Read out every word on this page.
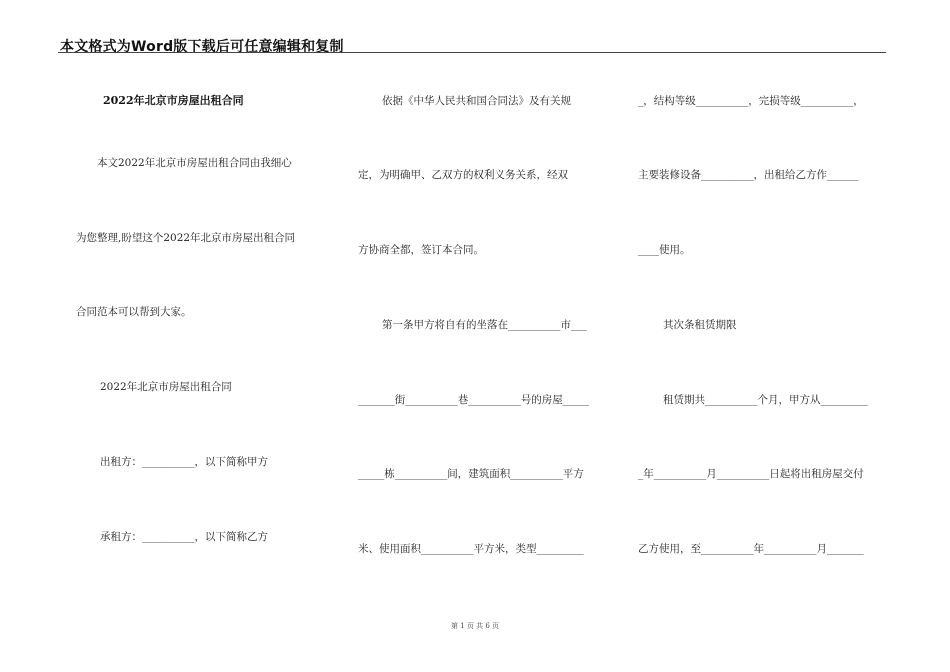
本文格式为Word版下载后可任意编辑和复制
2022年北京市房屋出租合同
本文2022年北京市房屋出租合同由我细心
为您整理,盼望这个2022年北京市房屋出租合同
合同范本可以帮到大家。
2022年北京市房屋出租合同
出租方：__________，以下简称甲方
承租方：__________，以下简称乙方
依据《中华人民共和国合同法》及有关规
定，为明确甲、乙双方的权利义务关系，经双
方协商全都，签订本合同。
第一条甲方将自有的坐落在__________市___
_______街__________巷__________号的房屋_____
_____栋__________间，建筑面积__________平方
米、使用面积__________平方米，类型_________
_，结构等级__________，完损等级__________，
主要装修设备__________，出租给乙方作______
____使用。
其次条租赁期限
租赁期共__________个月，甲方从_________
_年__________月__________日起将出租房屋交付
乙方使用，至__________年__________月_______
第 1 页 共 6 页
